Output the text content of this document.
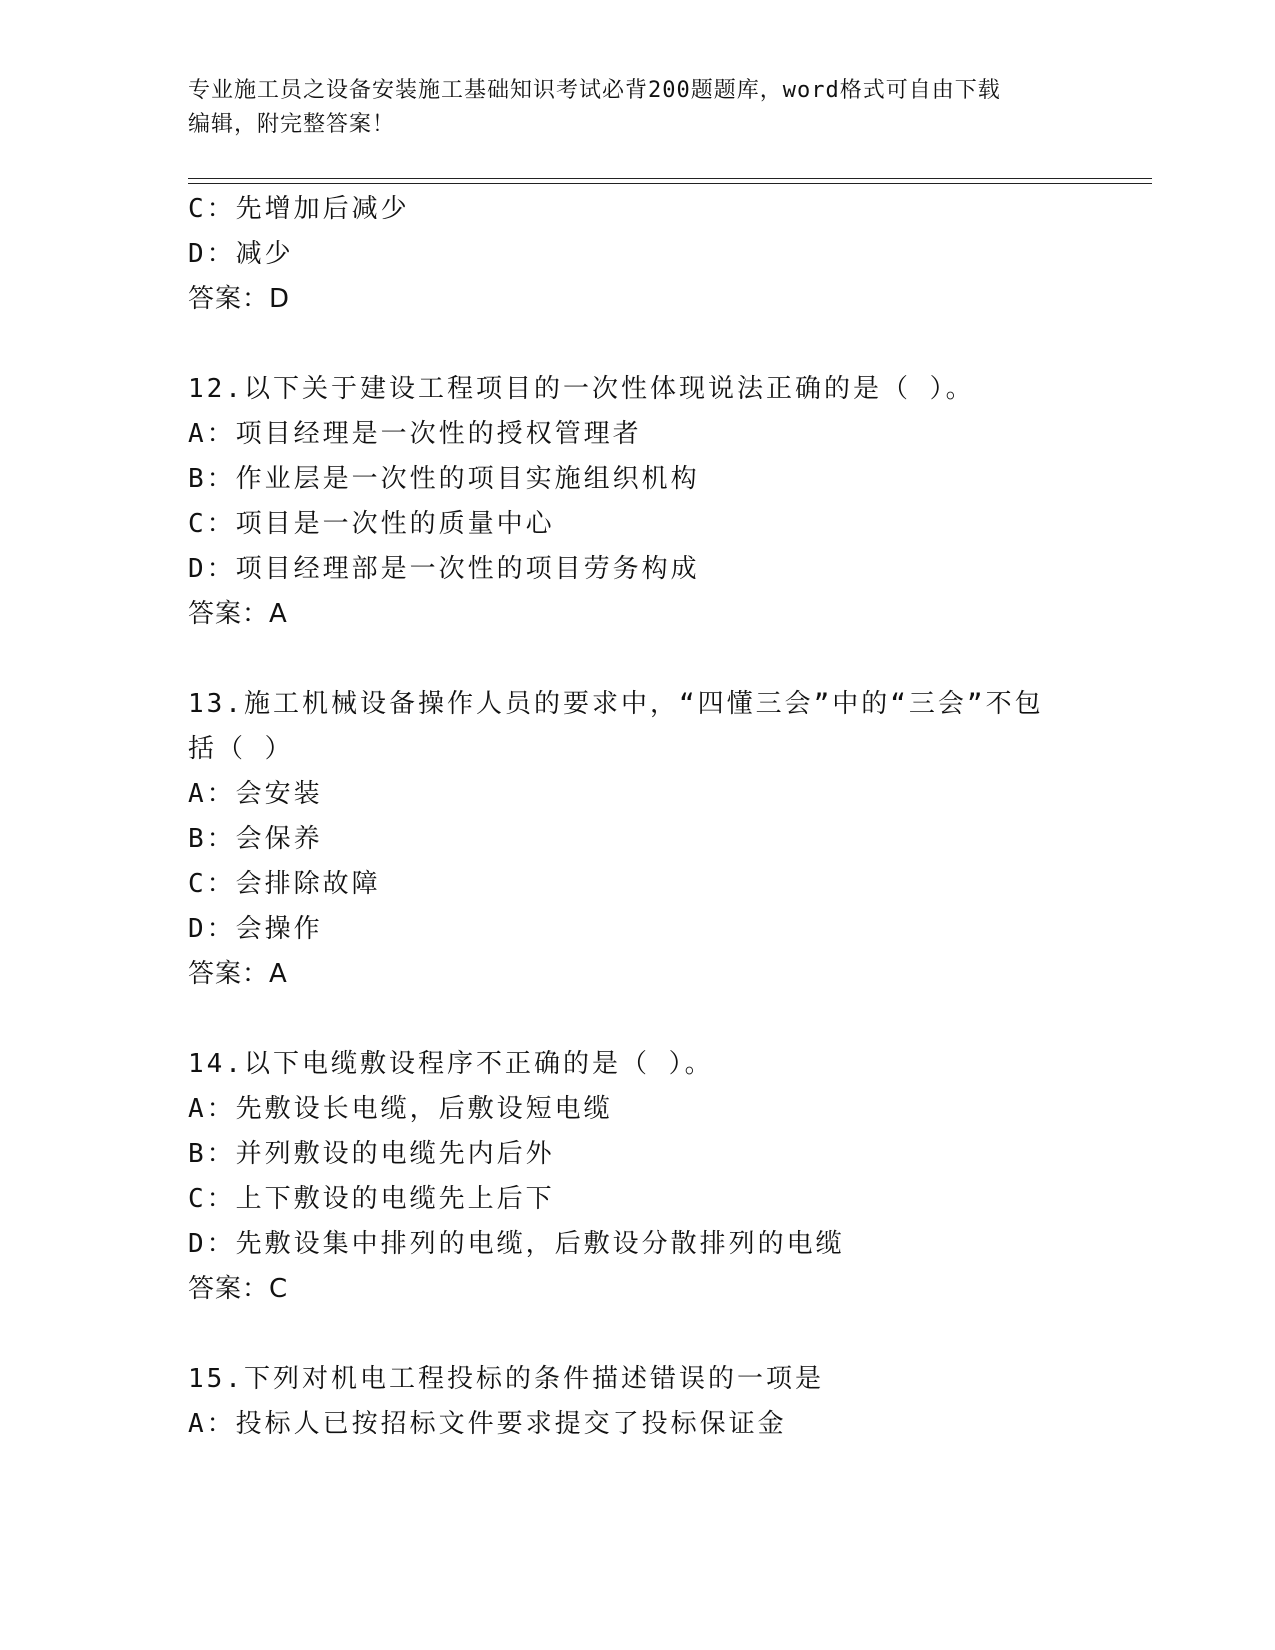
专业施工员之设备安装施工基础知识考试必背200题题库，word格式可自由下载
编辑，附完整答案！
C：先增加后减少
D：减少
答案：D
12.以下关于建设工程项目的一次性体现说法正确的是（ ）。
A：项目经理是一次性的授权管理者
B：作业层是一次性的项目实施组织机构
C：项目是一次性的质量中心
D：项目经理部是一次性的项目劳务构成
答案：A
13.施工机械设备操作人员的要求中，“四懂三会”中的“三会”不包
括（ ）
A：会安装
B：会保养
C：会排除故障
D：会操作
答案：A
14.以下电缆敷设程序不正确的是（ ）。
A：先敷设长电缆，后敷设短电缆
B：并列敷设的电缆先内后外
C：上下敷设的电缆先上后下
D：先敷设集中排列的电缆，后敷设分散排列的电缆
答案：C
15.下列对机电工程投标的条件描述错误的一项是
A：投标人已按招标文件要求提交了投标保证金
